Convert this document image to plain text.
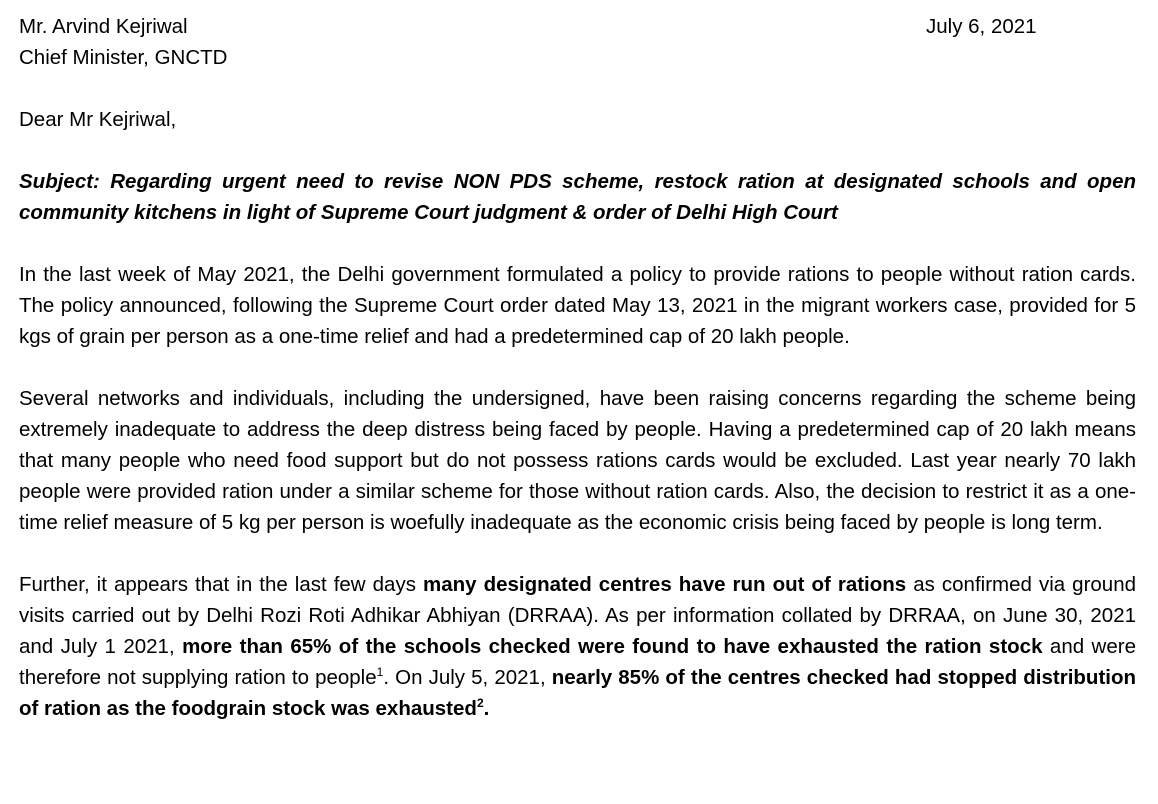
July 6, 2021
Mr. Arvind Kejriwal
Chief Minister, GNCTD
Dear Mr Kejriwal,
Subject: Regarding urgent need to revise NON PDS scheme, restock ration at designated schools and open community kitchens in light of Supreme Court judgment & order of Delhi High Court
In the last week of May 2021, the Delhi government formulated a policy to provide rations to people without ration cards. The policy announced, following the Supreme Court order dated May 13, 2021 in the migrant workers case, provided for 5 kgs of grain per person as a one-time relief and had a predetermined cap of 20 lakh people.
Several networks and individuals, including the undersigned, have been raising concerns regarding the scheme being extremely inadequate to address the deep distress being faced by people. Having a predetermined cap of 20 lakh means that many people who need food support but do not possess rations cards would be excluded. Last year nearly 70 lakh people were provided ration under a similar scheme for those without ration cards. Also, the decision to restrict it as a one-time relief measure of 5 kg per person is woefully inadequate as the economic crisis being faced by people is long term.
Further, it appears that in the last few days many designated centres have run out of rations as confirmed via ground visits carried out by Delhi Rozi Roti Adhikar Abhiyan (DRRAA). As per information collated by DRRAA, on June 30, 2021 and July 1 2021, more than 65% of the schools checked were found to have exhausted the ration stock and were therefore not supplying ration to people$^1$. On July 5, 2021, nearly 85% of the centres checked had stopped distribution of ration as the foodgrain stock was exhausted$^2$.
